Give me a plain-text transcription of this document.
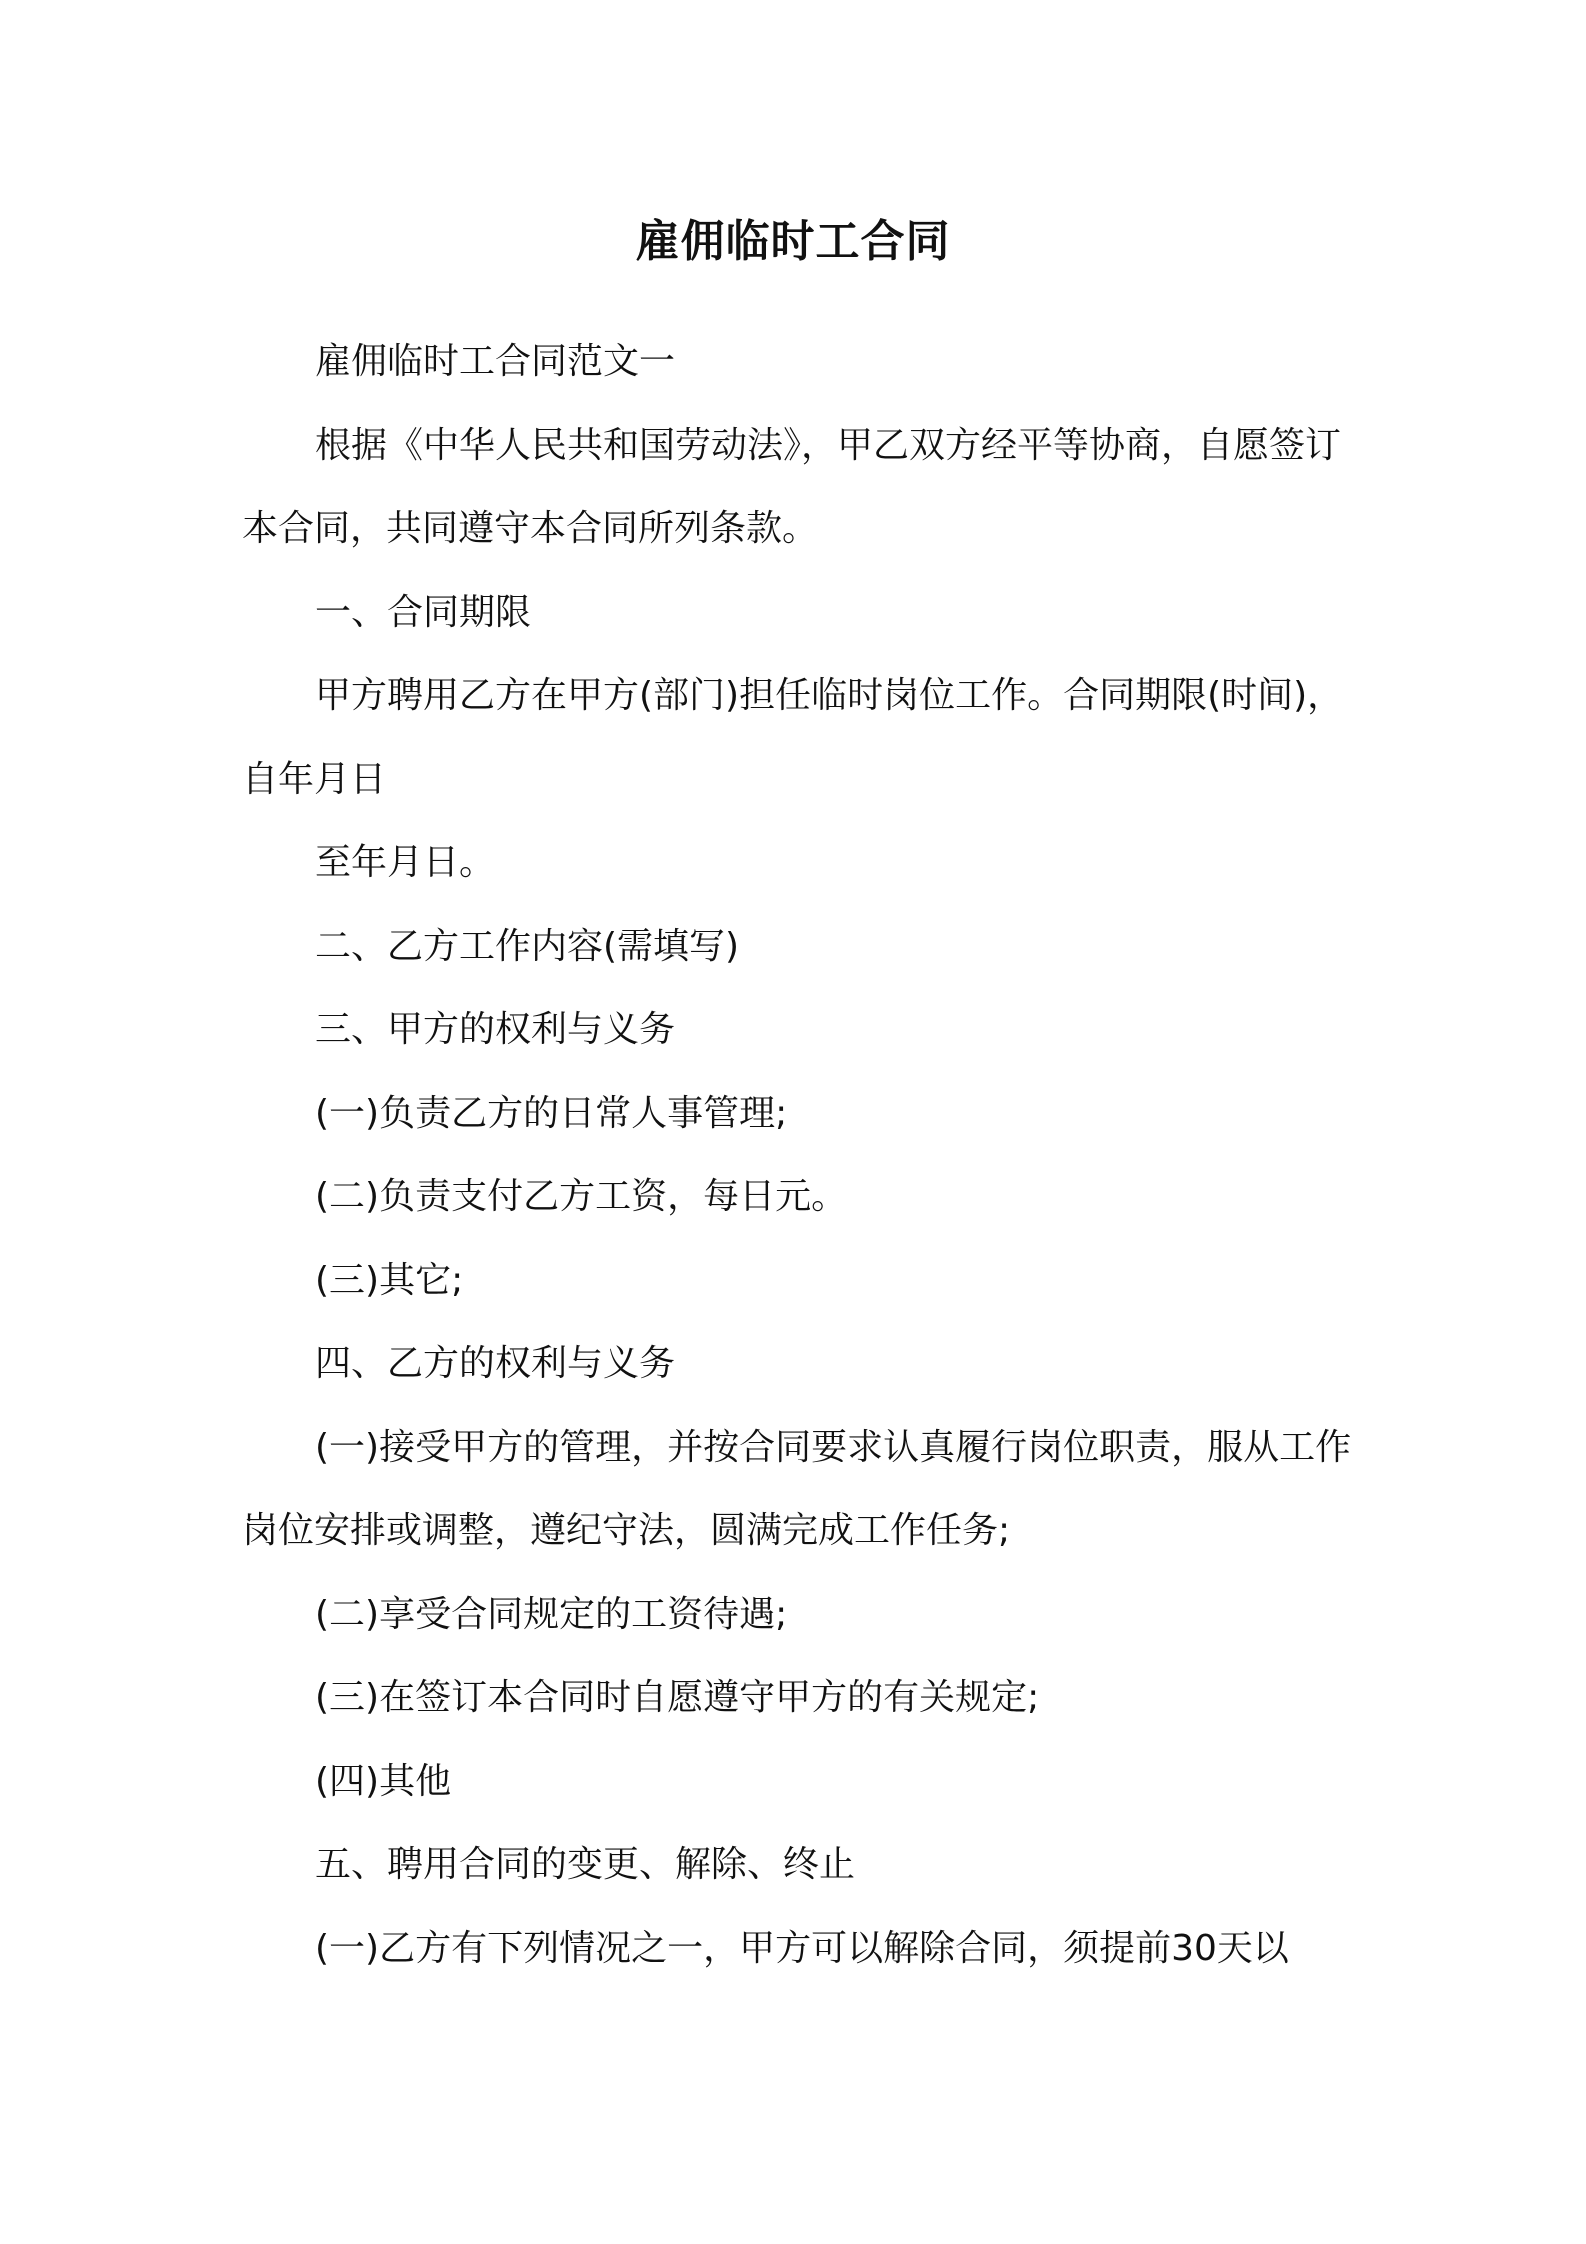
雇佣临时工合同

雇佣临时工合同范文一

根据《中华人民共和国劳动法》，甲乙双方经平等协商，自愿签订本合同，共同遵守本合同所列条款。

一、合同期限

甲方聘用乙方在甲方(部门)担任临时岗位工作。合同期限(时间)，自年月日

至年月日。

二、乙方工作内容(需填写)

三、甲方的权利与义务

(一)负责乙方的日常人事管理;

(二)负责支付乙方工资，每日元。

(三)其它;

四、乙方的权利与义务

(一)接受甲方的管理，并按合同要求认真履行岗位职责，服从工作岗位安排或调整，遵纪守法，圆满完成工作任务;

(二)享受合同规定的工资待遇;

(三)在签订本合同时自愿遵守甲方的有关规定;

(四)其他

五、聘用合同的变更、解除、终止

(一)乙方有下列情况之一，甲方可以解除合同，须提前30天以
